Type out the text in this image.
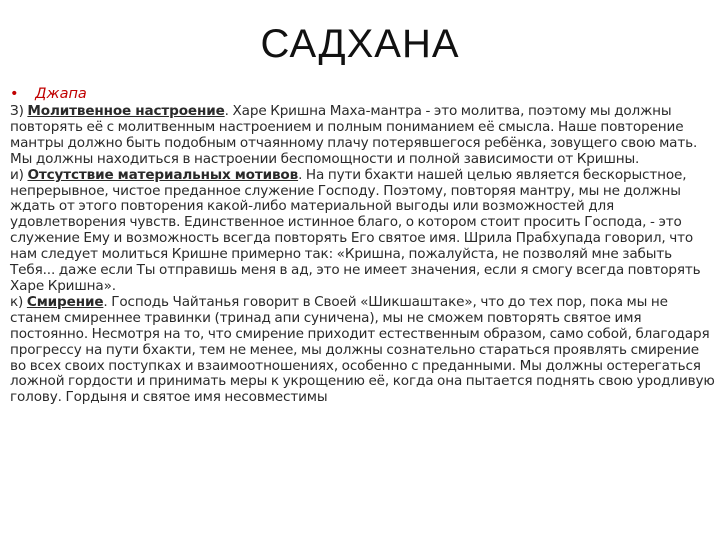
САДХАНА
• Джапа

З) Молитвенное настроение. Харе Кришна Маха-мантра - это молитва, поэтому мы должны повторять её с молитвенным настроением и полным пониманием её смысла. Наше повторение мантры должно быть подобным отчаянному плачу потерявшегося ребёнка, зовущего свою мать. Мы должны находиться в настроении беспомощности и полной зависимости от Кришны.

и) Отсутствие материальных мотивов. На пути бхакти нашей целью является бескорыстное, непрерывное, чистое преданное служение Господу. Поэтому, повторяя мантру, мы не должны ждать от этого повторения какой-либо материальной выгоды или возможностей для удовлетворения чувств. Единственное истинное благо, о котором стоит просить Господа, - это служение Ему и возможность всегда повторять Его святое имя. Шрила Прабхупада говорил, что нам следует молиться Кришне примерно так: «Кришна, пожалуйста, не позволяй мне забыть Тебя... даже если Ты отправишь меня в ад, это не имеет значения, если я смогу всегда повторять Харе Кришна».

к) Смирение. Господь Чайтанья говорит в Своей «Шикшаштаке», что до тех пор, пока мы не станем смиреннее травинки (тринад апи суничена), мы не сможем повторять святое имя постоянно. Несмотря на то, что смирение приходит естественным образом, само собой, благодаря прогрессу на пути бхакти, тем не менее, мы должны сознательно стараться проявлять смирение во всех своих поступках и взаимоотношениях, особенно с преданными. Мы должны остерегаться ложной гордости и принимать меры к укрощению её, когда она пытается поднять свою уродливую голову. Гордыня и святое имя несовместимы
